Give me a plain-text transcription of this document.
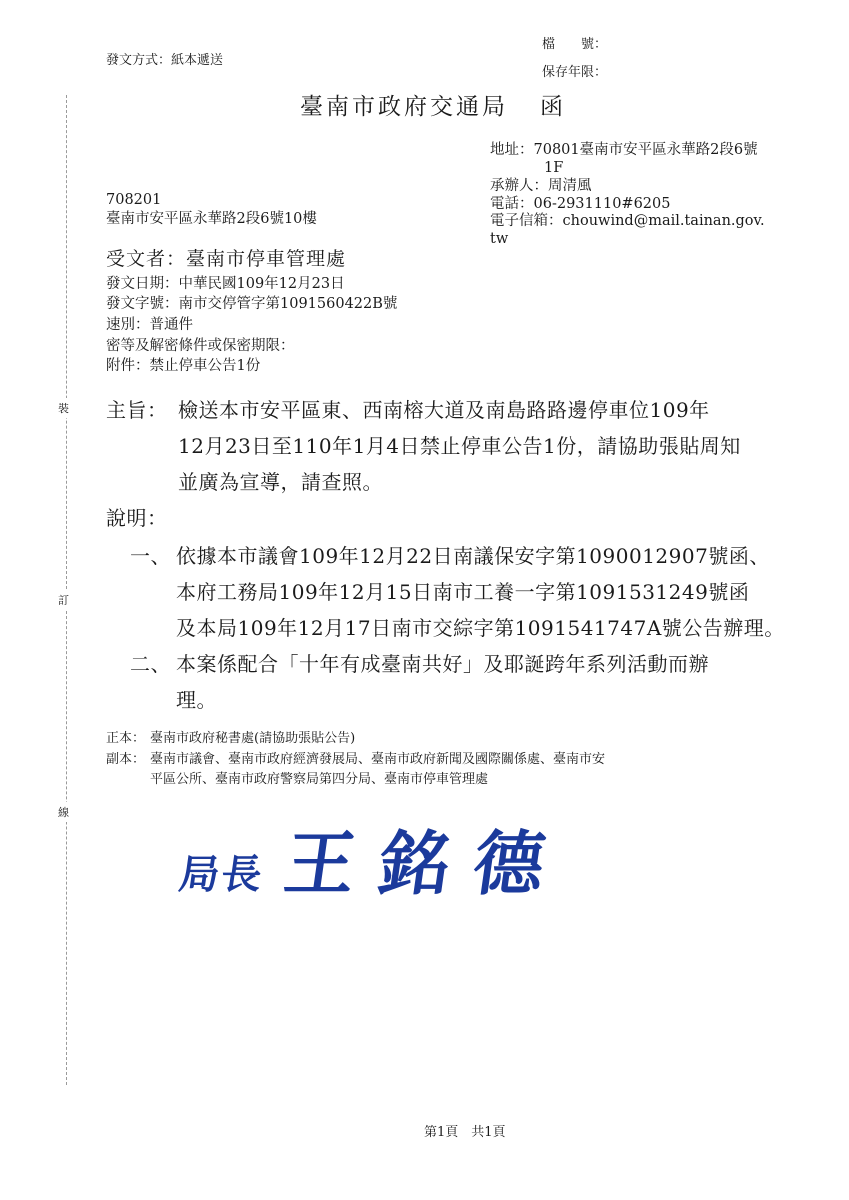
裝
訂
線
發文方式：紙本遞送
檔　　號：
保存年限：
臺南市政府交通局 函
地址：70801臺南市安平區永華路2段6號
1F
承辦人：周清風
電話：06-2931110#6205
電子信箱：chouwind@mail.tainan.gov.
tw
708201
臺南市安平區永華路2段6號10樓
受文者：臺南市停車管理處
發文日期：中華民國109年12月23日
發文字號：南市交停管字第1091560422B號
速別：普通件
密等及解密條件或保密期限：
附件：禁止停車公告1份
主旨： 檢送本市安平區東、西南榕大道及南島路路邊停車位109年
12月23日至110年1月4日禁止停車公告1份，請協助張貼周知
並廣為宣導，請查照。
說明：
一、 依據本市議會109年12月22日南議保安字第1090012907號函、
本府工務局109年12月15日南市工養一字第1091531249號函
及本局109年12月17日南市交綜字第1091541747A號公告辦理。
二、 本案係配合「十年有成臺南共好」及耶誕跨年系列活動而辦
理。
正本： 臺南市政府秘書處(請協助張貼公告)
副本： 臺南市議會、臺南市政府經濟發展局、臺南市政府新聞及國際關係處、臺南市安
平區公所、臺南市政府警察局第四分局、臺南市停車管理處
局長 王 銘 德
第1頁　共1頁
